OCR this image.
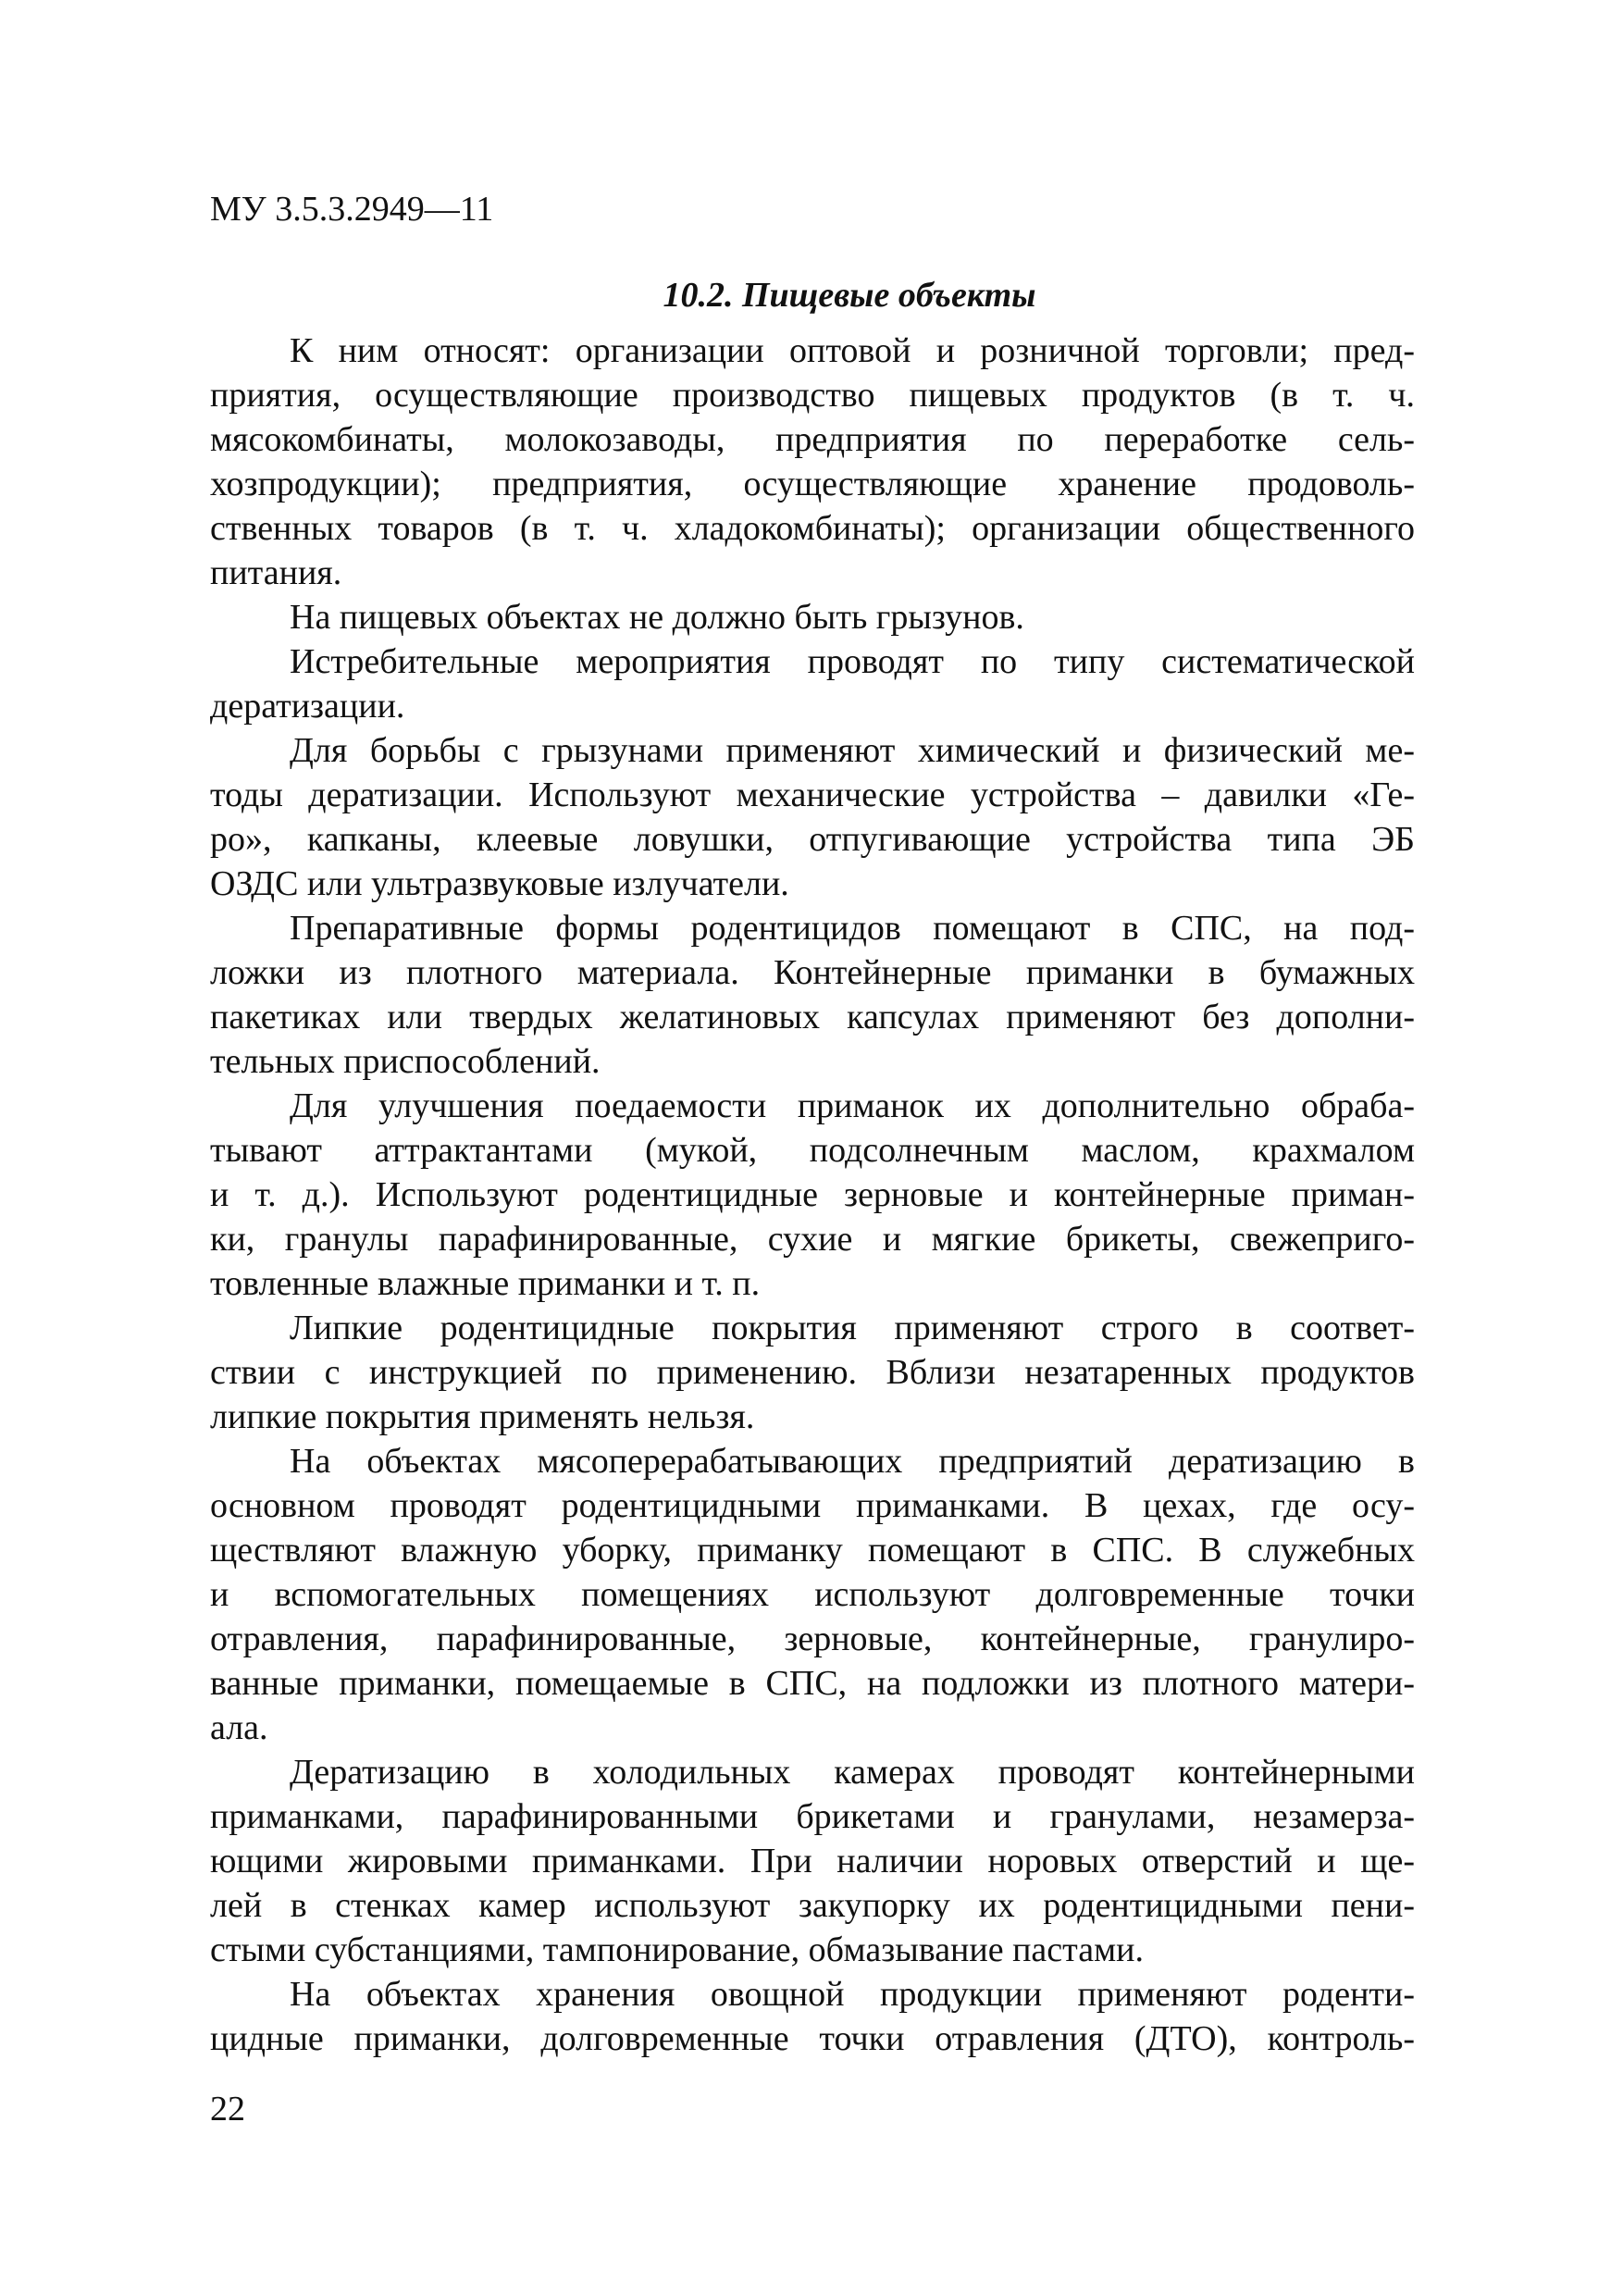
МУ 3.5.3.2949—11
10.2. Пищевые объекты
К ним относят: организации оптовой и розничной торговли; пред-
приятия, осуществляющие производство пищевых продуктов (в т. ч.
мясокомбинаты, молокозаводы, предприятия по переработке сель-
хозпродукции); предприятия, осуществляющие хранение продоволь-
ственных товаров (в т. ч. хладокомбинаты); организации общественного
питания.
На пищевых объектах не должно быть грызунов.
Истребительные мероприятия проводят по типу систематической
дератизации.
Для борьбы с грызунами применяют химический и физический ме-
тоды дератизации. Используют механические устройства – давилки «Ге-
ро», капканы, клеевые ловушки, отпугивающие устройства типа ЭБ
ОЗДС или ультразвуковые излучатели.
Препаративные формы родентицидов помещают в СПС, на под-
ложки из плотного материала. Контейнерные приманки в бумажных
пакетиках или твердых желатиновых капсулах применяют без дополни-
тельных приспособлений.
Для улучшения поедаемости приманок их дополнительно обраба-
тывают аттрактантами (мукой, подсолнечным маслом, крахмалом
и т. д.). Используют родентицидные зерновые и контейнерные приман-
ки, гранулы парафинированные, сухие и мягкие брикеты, свежеприго-
товленные влажные приманки и т. п.
Липкие родентицидные покрытия применяют строго в соответ-
ствии с инструкцией по применению. Вблизи незатаренных продуктов
липкие покрытия применять нельзя.
На объектах мясоперерабатывающих предприятий дератизацию в
основном проводят родентицидными приманками. В цехах, где осу-
ществляют влажную уборку, приманку помещают в СПС. В служебных
и вспомогательных помещениях используют долговременные точки
отравления, парафинированные, зерновые, контейнерные, гранулиро-
ванные приманки, помещаемые в СПС, на подложки из плотного матери-
ала.
Дератизацию в холодильных камерах проводят контейнерными
приманками, парафинированными брикетами и гранулами, незамерза-
ющими жировыми приманками. При наличии норовых отверстий и ще-
лей в стенках камер используют закупорку их родентицидными пени-
стыми субстанциями, тампонирование, обмазывание пастами.
На объектах хранения овощной продукции применяют роденти-
цидные приманки, долговременные точки отравления (ДТО), контроль-
22
